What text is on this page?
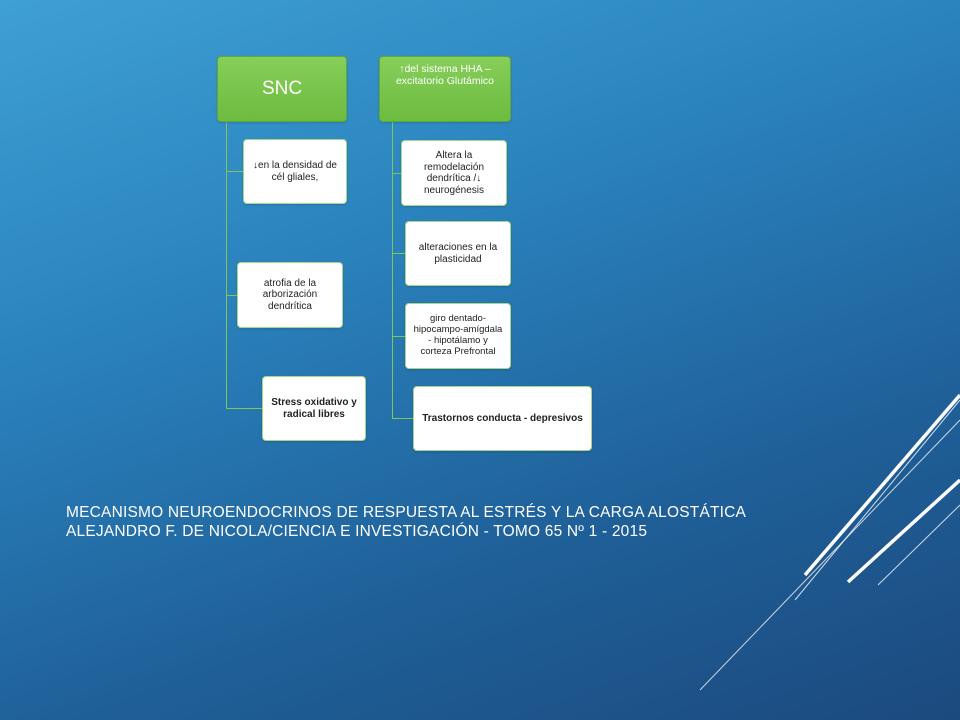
SNC
↑del sistema HHA – excitatorio Glutámico
↓en la densidad de cél gliales,
atrofia de la arborización dendrítica
Stress oxidativo y radical libres
Altera la remodelación dendrítica /↓ neurogénesis
alteraciones en la plasticidad
giro dentado-hipocampo-amígdala - hipotálamo y corteza Prefrontal
Trastornos conducta - depresivos
MECANISMO NEUROENDOCRINOS DE RESPUESTA AL ESTRÉS Y LA CARGA ALOSTÁTICA
ALEJANDRO F. DE NICOLA/CIENCIA E INVESTIGACIÓN - TOMO 65 Nº 1 - 2015
